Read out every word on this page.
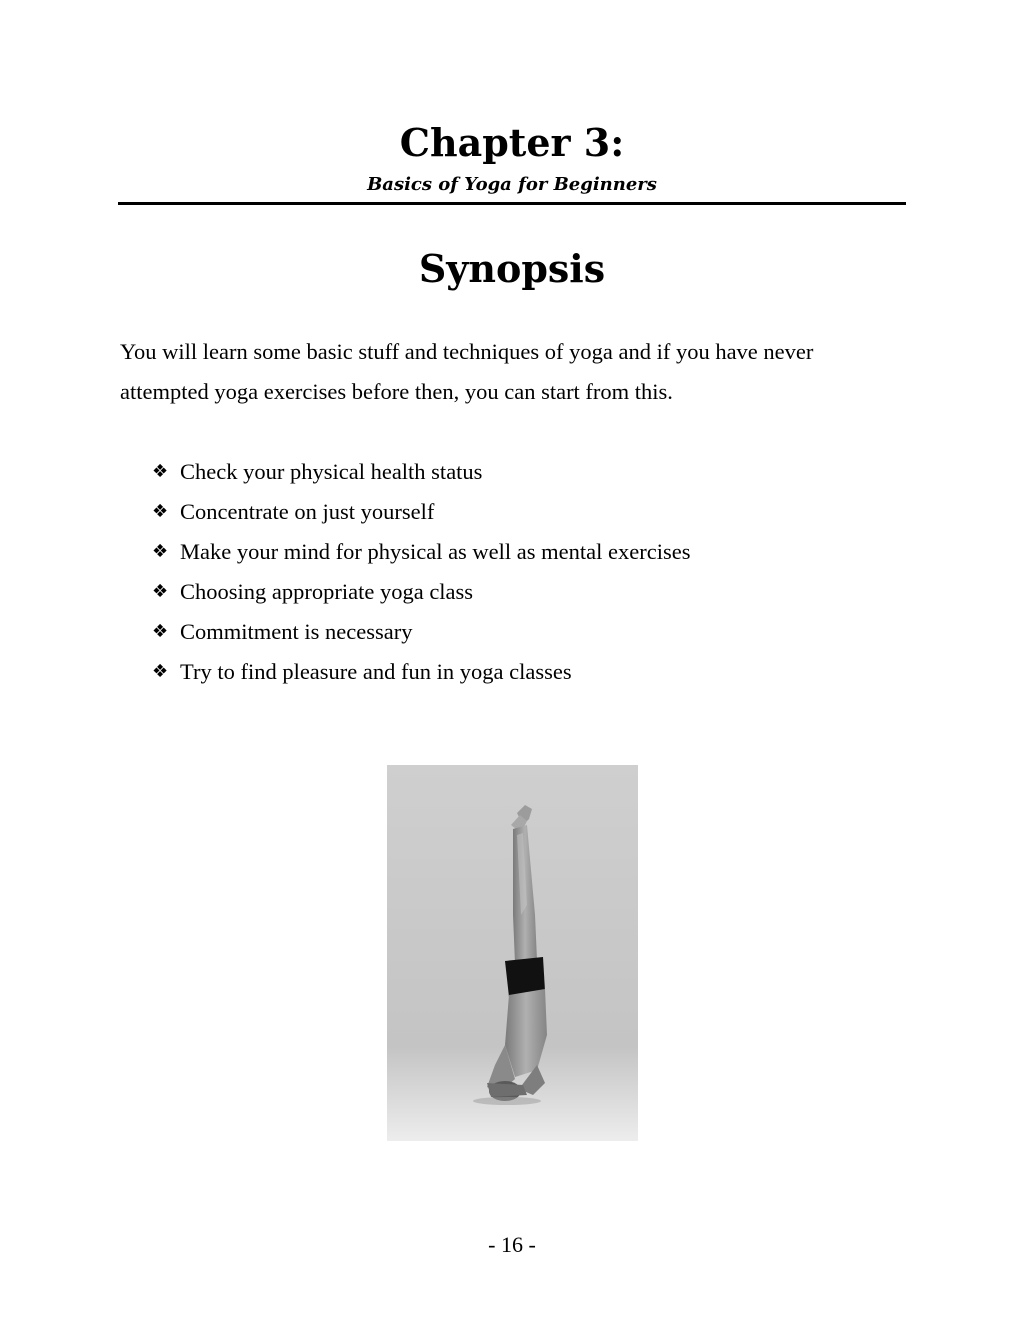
Chapter 3:
Basics of Yoga for Beginners
Synopsis

You will learn some basic stuff and techniques of yoga and if you have never
attempted yoga exercises before then, you can start from this.

❖ Check your physical health status
❖ Concentrate on just yourself
❖ Make your mind for physical as well as mental exercises
❖ Choosing appropriate yoga class
❖ Commitment is necessary
❖ Try to find pleasure and fun in yoga classes
- 16 -
